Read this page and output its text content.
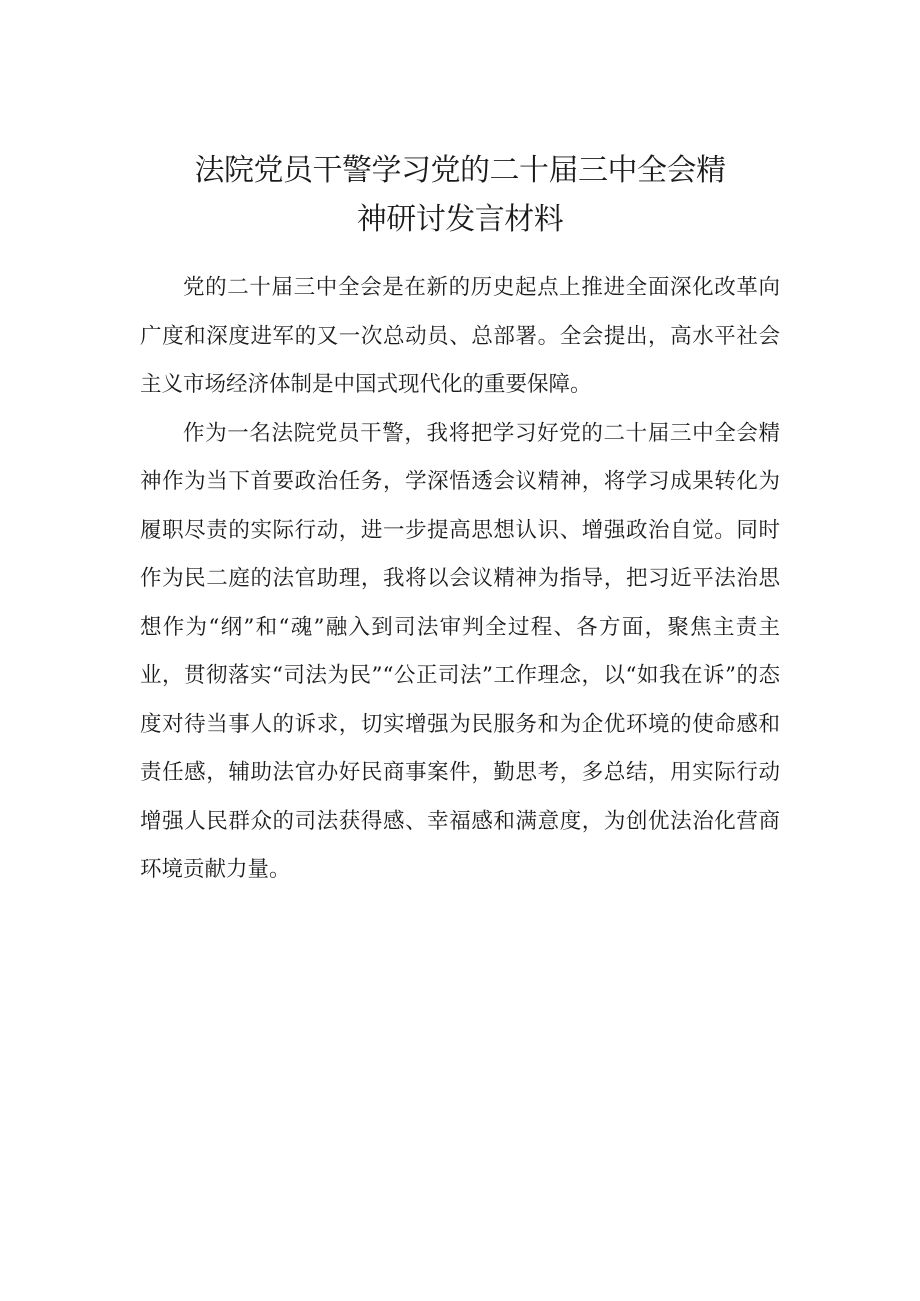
法院党员干警学习党的二十届三中全会精
神研讨发言材料

党的二十届三中全会是在新的历史起点上推进全面深化改革向广度和深度进军的又一次总动员、总部署。全会提出，高水平社会主义市场经济体制是中国式现代化的重要保障。

作为一名法院党员干警，我将把学习好党的二十届三中全会精神作为当下首要政治任务，学深悟透会议精神，将学习成果转化为履职尽责的实际行动，进一步提高思想认识、增强政治自觉。同时作为民二庭的法官助理，我将以会议精神为指导，把习近平法治思想作为“纲”和“魂”融入到司法审判全过程、各方面，聚焦主责主业，贯彻落实“司法为民”“公正司法”工作理念，以“如我在诉”的态度对待当事人的诉求，切实增强为民服务和为企优环境的使命感和责任感，辅助法官办好民商事案件，勤思考，多总结，用实际行动增强人民群众的司法获得感、幸福感和满意度，为创优法治化营商环境贡献力量。
